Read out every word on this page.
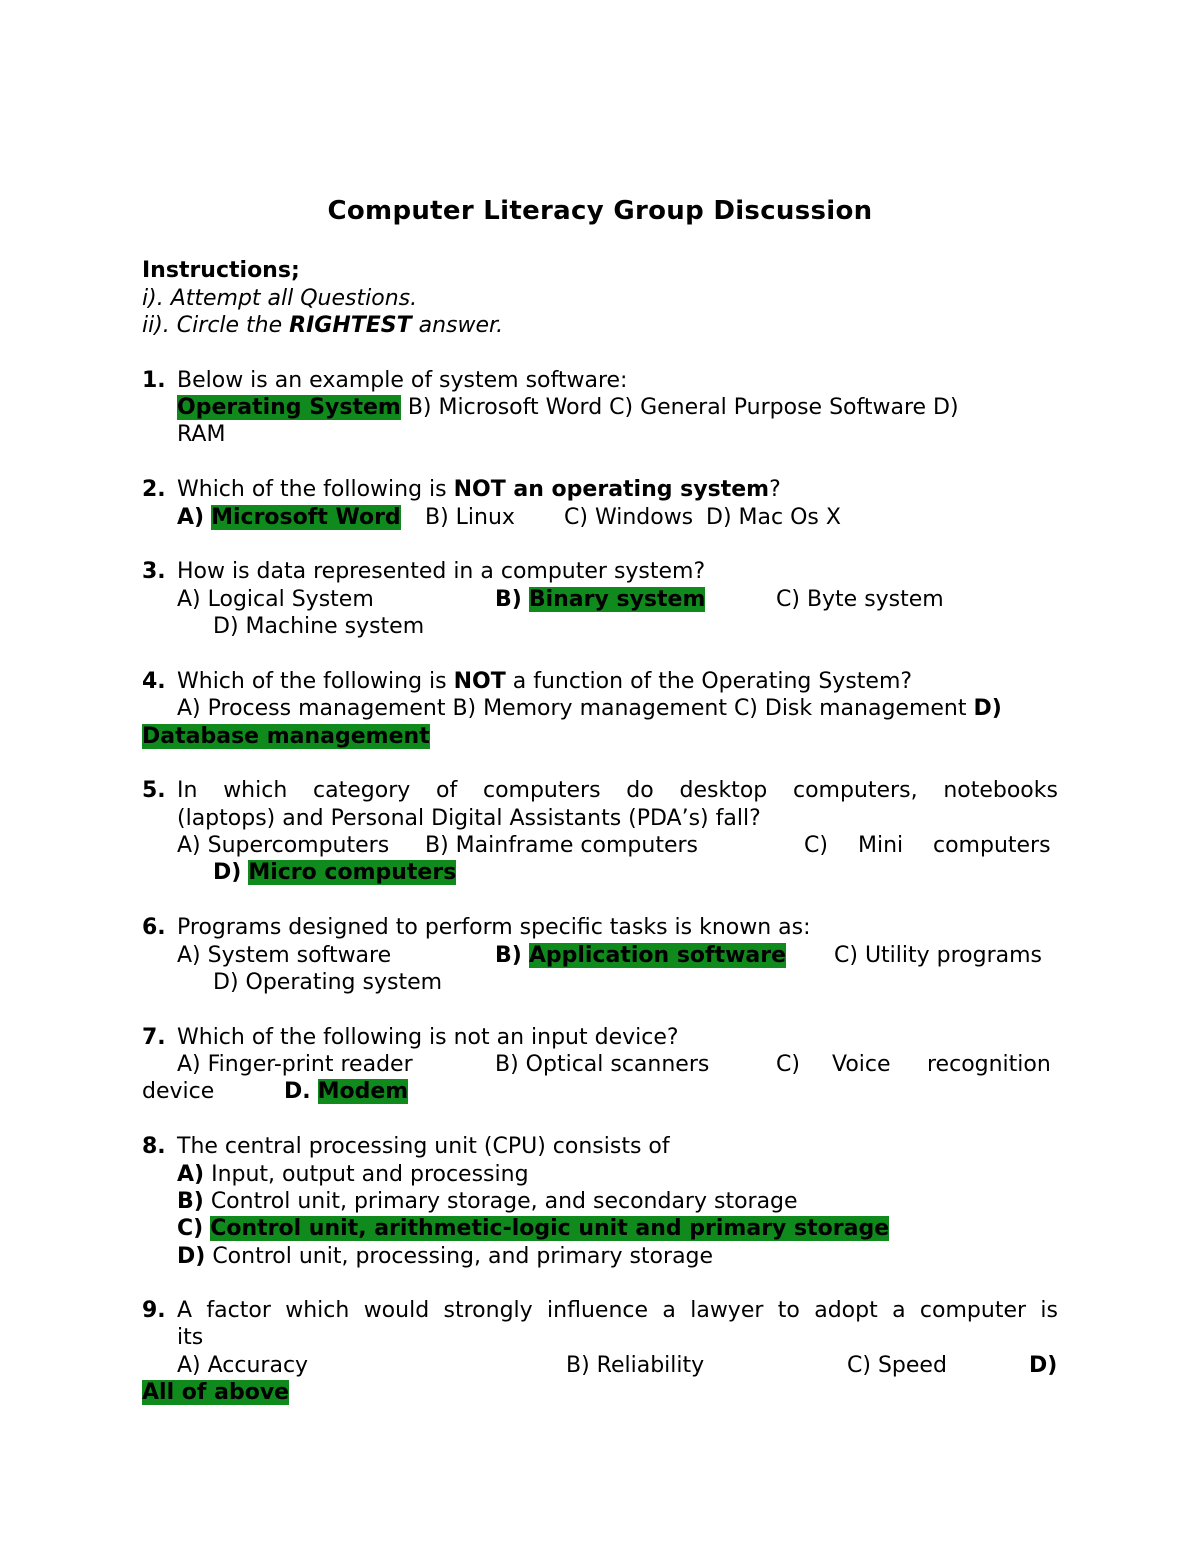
Computer Literacy Group Discussion
Instructions;
i). Attempt all Questions.
ii). Circle the RIGHTEST answer.
1. Below is an example of system software:
Operating System B) Microsoft Word C) General Purpose Software D)
RAM
2. Which of the following is NOT an operating system?
A) Microsoft Word B) Linux C) Windows D) Mac Os X
3. How is data represented in a computer system?
A) Logical System	B) Binary system	C) Byte system
D) Machine system
4. Which of the following is NOT a function of the Operating System?
A) Process management B) Memory management C) Disk management D)
Database management
5. In which category of computers do desktop computers, notebooks
(laptops) and Personal Digital Assistants (PDA’s) fall?
A) Supercomputers B) Mainframe computers	C) Mini computers
D) Micro computers
6. Programs designed to perform specific tasks is known as:
A) System software	B) Application software C) Utility programs
D) Operating system
7. Which of the following is not an input device?
A) Finger-print reader	B) Optical scanners	C) Voice recognition
device	D. Modem
8. The central processing unit (CPU) consists of
A) Input, output and processing
B) Control unit, primary storage, and secondary storage
C) Control unit, arithmetic-logic unit and primary storage
D) Control unit, processing, and primary storage
9. A factor which would strongly influence a lawyer to adopt a computer is
its
A) Accuracy	B) Reliability	C) Speed	D)
All of above
